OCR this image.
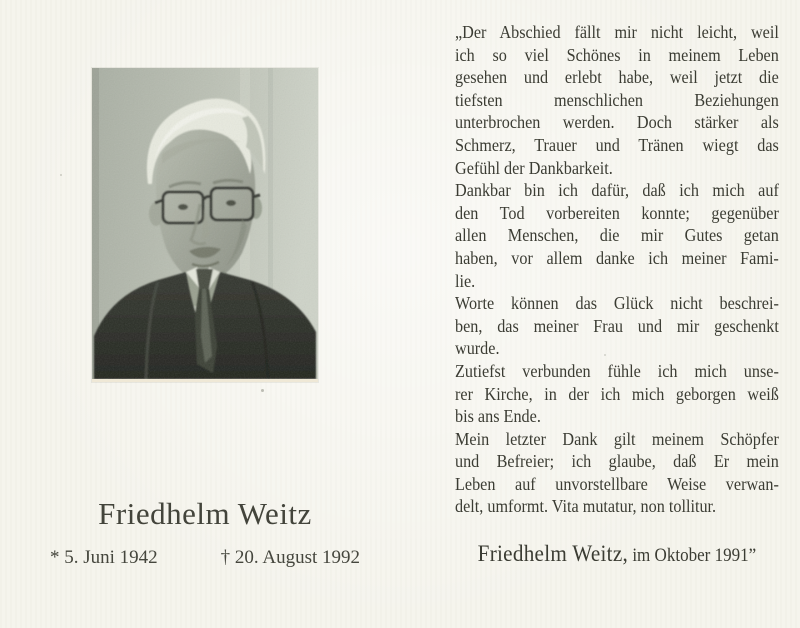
Friedhelm Weitz
* 5. Juni 1942	† 20. August 1992
„Der Abschied fällt mir nicht leicht, weil
ich so viel Schönes in meinem Leben
gesehen und erlebt habe, weil jetzt die
tiefsten menschlichen Beziehungen
unterbrochen werden. Doch stärker als
Schmerz, Trauer und Tränen wiegt das
Gefühl der Dankbarkeit.
Dankbar bin ich dafür, daß ich mich auf
den Tod vorbereiten konnte; gegenüber
allen Menschen, die mir Gutes getan
haben, vor allem danke ich meiner Fami-
lie.
Worte können das Glück nicht beschrei-
ben, das meiner Frau und mir geschenkt
wurde.
Zutiefst verbunden fühle ich mich unse-
rer Kirche, in der ich mich geborgen weiß
bis ans Ende.
Mein letzter Dank gilt meinem Schöpfer
und Befreier; ich glaube, daß Er mein
Leben auf unvorstellbare Weise verwan-
delt, umformt. Vita mutatur, non tollitur.
Friedhelm Weitz, im Oktober 1991”
